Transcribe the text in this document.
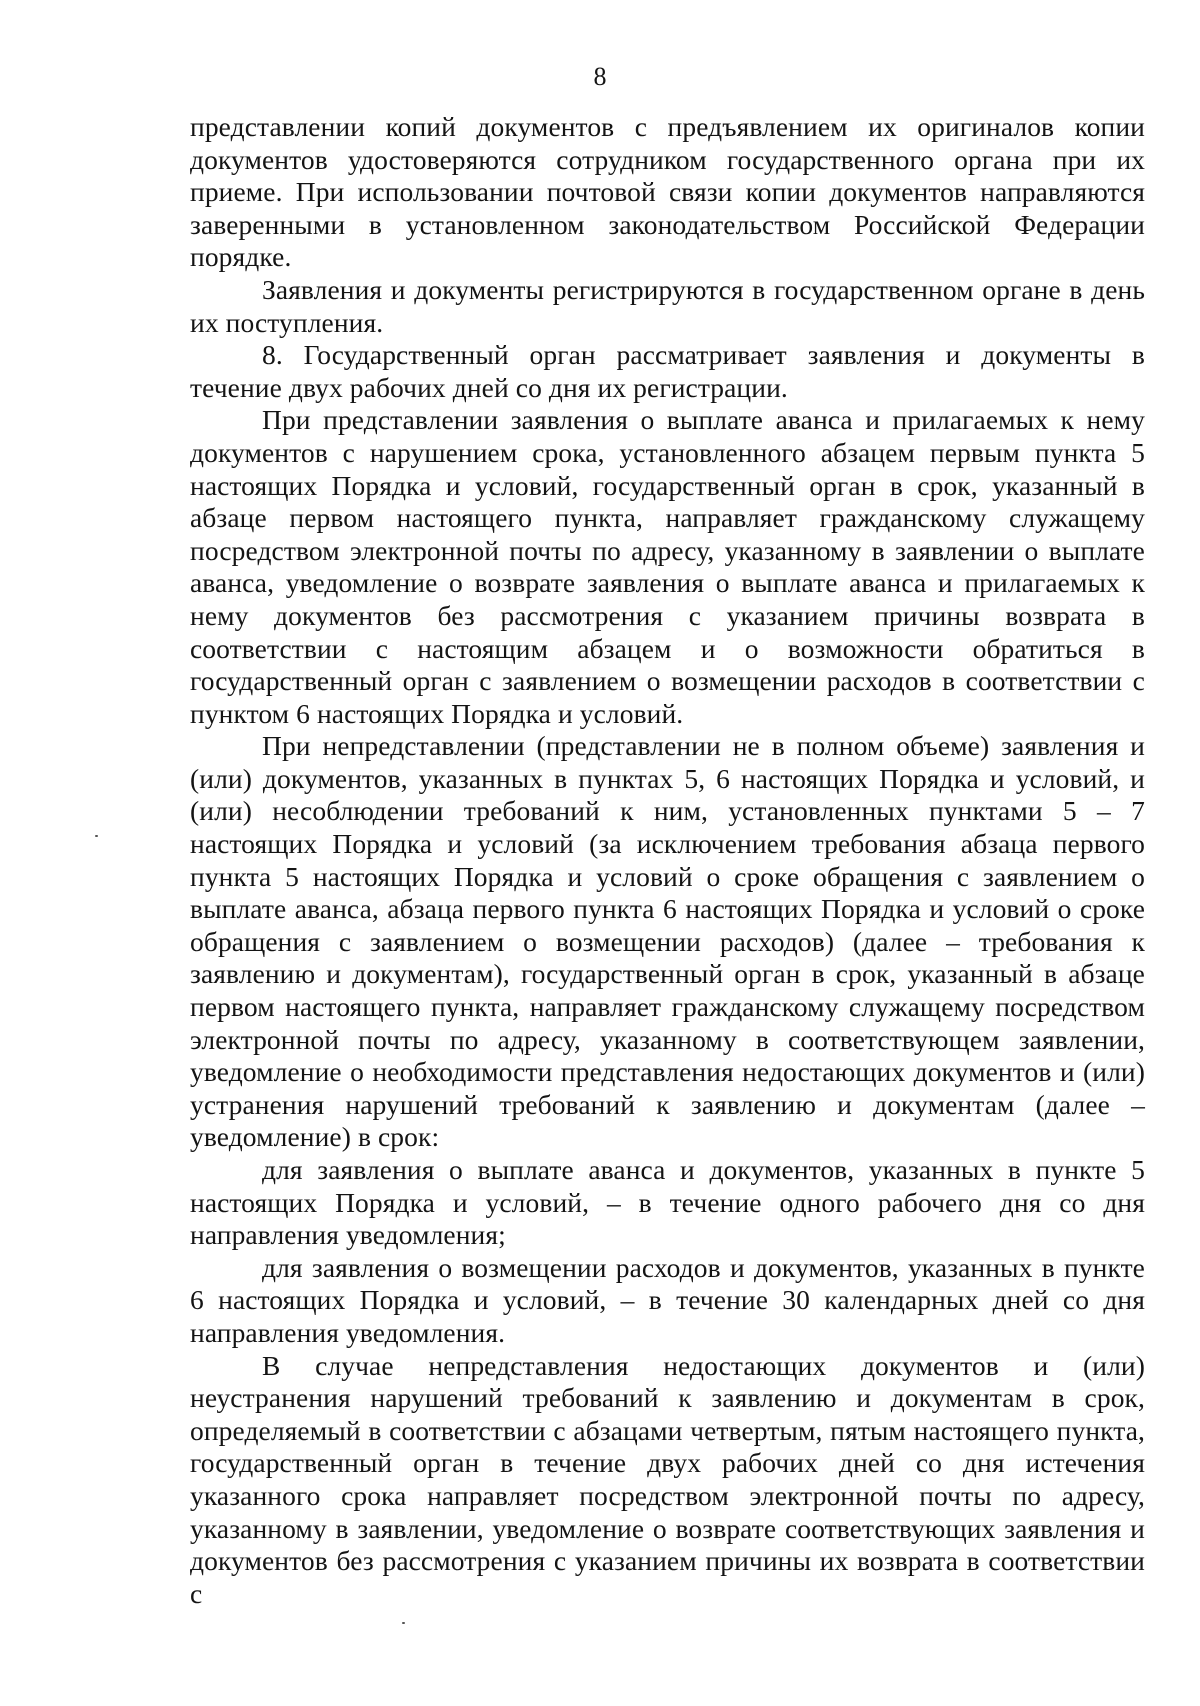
8

представлении копий документов с предъявлением их оригиналов копии документов удостоверяются сотрудником государственного органа при их приеме. При использовании почтовой связи копии документов направляются заверенными в установленном законодательством Российской Федерации порядке.

Заявления и документы регистрируются в государственном органе в день их поступления.

8. Государственный орган рассматривает заявления и документы в течение двух рабочих дней со дня их регистрации.

При представлении заявления о выплате аванса и прилагаемых к нему документов с нарушением срока, установленного абзацем первым пункта 5 настоящих Порядка и условий, государственный орган в срок, указанный в абзаце первом настоящего пункта, направляет гражданскому служащему посредством электронной почты по адресу, указанному в заявлении о выплате аванса, уведомление о возврате заявления о выплате аванса и прилагаемых к нему документов без рассмотрения с указанием причины возврата в соответствии с настоящим абзацем и о возможности обратиться в государственный орган с заявлением о возмещении расходов в соответствии с пунктом 6 настоящих Порядка и условий.

При непредставлении (представлении не в полном объеме) заявления и (или) документов, указанных в пунктах 5, 6 настоящих Порядка и условий, и (или) несоблюдении требований к ним, установленных пунктами 5 – 7 настоящих Порядка и условий (за исключением требования абзаца первого пункта 5 настоящих Порядка и условий о сроке обращения с заявлением о выплате аванса, абзаца первого пункта 6 настоящих Порядка и условий о сроке обращения с заявлением о возмещении расходов) (далее – требования к заявлению и документам), государственный орган в срок, указанный в абзаце первом настоящего пункта, направляет гражданскому служащему посредством электронной почты по адресу, указанному в соответствующем заявлении, уведомление о необходимости представления недостающих документов и (или) устранения нарушений требований к заявлению и документам (далее – уведомление) в срок:

для заявления о выплате аванса и документов, указанных в пункте 5 настоящих Порядка и условий, – в течение одного рабочего дня со дня направления уведомления;

для заявления о возмещении расходов и документов, указанных в пункте 6 настоящих Порядка и условий, – в течение 30 календарных дней со дня направления уведомления.

В случае непредставления недостающих документов и (или) неустранения нарушений требований к заявлению и документам в срок, определяемый в соответствии с абзацами четвертым, пятым настоящего пункта, государственный орган в течение двух рабочих дней со дня истечения указанного срока направляет посредством электронной почты по адресу, указанному в заявлении, уведомление о возврате соответствующих заявления и документов без рассмотрения с указанием причины их возврата в соответствии с
